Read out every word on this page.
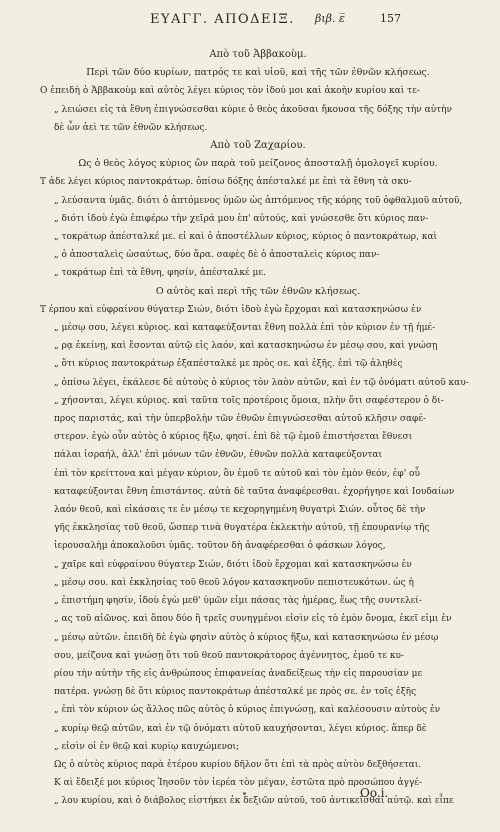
ΕΥΑΓΓ. ΑΠΟΔΕΙΞ. βιβ. ε̅	157
Απὸ τοῦ Ἀββακοὺμ.
Περὶ τῶν δύο κυρίων, πατρός τε καὶ υἱοῦ, καὶ τῆς τῶν ἐθνῶν κλήσεως.
Ο ἐπειδὴ ὁ Ἀββακοὺμ καὶ αὐτὸς λέγει κύριος τὸν ἰδού μοι καὶ ἀκοὴν κυρίου καὶ τε-
„ λειώσει εἰς τὰ ἔθνη ἐπιγνώσεσθαι κύριε ὁ θεὸς ἀκοῦσαι ἤκουσα τῆς δόξης τὴν αὐτὴν
δὲ ὧν ἀεὶ τε τῶν ἐθνῶν κλήσεως.
Απὸ τοῦ Ζαχαρίου.
Ως ὁ θεὸς λόγος κύριος ὢν παρὰ τοῦ μείζονος ἀποσταλῇ ὁμολογεῖ κυρίου.
Τ ἀδε λέγει κύριος παντοκράτωρ. ὀπίσω δόξης ἀπέσταλκέ με ἐπὶ τὰ ἔθνη τὰ σκυ-
„ λεύσαντα ὑμᾶς. διότι ὁ ἁπτόμενος ὑμῶν ὡς ἁπτόμενος τῆς κόρης τοῦ ὀφθαλμοῦ αὐτοῦ,
„ διότι ἰδοὺ ἐγὼ ἐπιφέρω τὴν χεῖρά μου ἐπ' αὐτούς, καὶ γνώσεσθε ὅτι κύριος παν-
„ τοκράτωρ ἀπέσταλκέ με. εἰ καὶ ὁ ἀποστέλλων κύριος, κύριος ὁ παντοκράτωρ, καὶ
„ ὁ ἀποσταλεὶς ὡσαύτως, δύο ἄρα. σαφὲς δὲ ὁ ἀποσταλεὶς κύριος παν-
„ τοκράτωρ ἐπὶ τὰ ἔθνη, φησίν, ἀπέσταλκέ με.
Ο αὐτὸς καὶ περὶ τῆς τῶν ἐθνῶν κλήσεως.
Τ έρπου καὶ εὐφραίνου θύγατερ Σιών, διότι ἰδοὺ ἐγὼ ἔρχομαι καὶ κατασκηνώσω ἐν
„ μέσῳ σου, λέγει κύριος. καὶ καταφεύξονται ἔθνη πολλὰ ἐπὶ τὸν κύριον ἐν τῇ ἡμέ-
„ ρᾳ ἐκείνῃ, καὶ ἔσονται αὐτῷ εἰς λαόν, καὶ κατασκηνώσω ἐν μέσῳ σου, καὶ γνώσῃ
„ ὅτι κύριος παντοκράτωρ ἐξαπέσταλκέ με πρὸς σε. καὶ ἑξῆς. ἐπὶ τῷ ἀληθὲς
„ ὀπίσω λέγει, ἐκάλεσε δὲ αὐτοὺς ὁ κύριος τὸν λαὸν αὐτῶν, καὶ ἐν τῷ ὀνόματι αὐτοῦ καυ-
„ χήσονται, λέγει κύριος. καὶ ταῦτα τοῖς προτέροις ὅμοια, πλὴν ὅτι σαφέστερον ὁ δι-
προς παριστάς, καὶ τὴν ὑπερβολὴν τῶν ἐθνῶν ἐπιγνώσεσθαι αὐτοῦ κλῆσιν σαφέ-
στερον. ἐγὼ οὖν αὐτὸς ὁ κύριος ἥξω, φησί. ἐπὶ δὲ τῷ ἐμοῦ ἐπιστήσεται ἔθνεσι
πάλαι ἰσραήλ, ἀλλ' ἐπὶ μόνων τῶν ἐθνῶν, ἐθνῶν πολλὰ καταφεύξονται
ἐπὶ τὸν κρείττονα καὶ μέγαν κύριον, ὃν ἐμοῦ τε αὐτοῦ καὶ τὸν ἐμὸν θεόν, ἐφ' οὗ
καταφεύξονται ἔθνη ἐπιστάντος. αὐτὰ δὲ ταῦτα ἀναφέρεσθαι. ἐχορήγησε καὶ Ιουδαίων
λαόν θεοῦ, καὶ εἰκάσαις τε ἐν μέσῳ τε κεχορηγημένη θυγατρὶ Σιών. οὗτος δὲ τὴν
γῆς ἐκκλησίας τοῦ θεοῦ, ὥσπερ τινὰ θυγατέρα ἐκλεκτὴν αὐτοῦ, τῇ ἐπουρανίῳ τῆς
ἱερουσαλὴμ ἀποκαλοῦσι ὑμᾶς. τοῦτον δὴ ἀναφέρεσθαι ὁ φάσκων λόγος,
„ χαῖρε καὶ εὐφραίνου θύγατερ Σιών, διότι ἰδοὺ ἔρχομαι καὶ κατασκηνώσω ἐν
„ μέσῳ σου. καὶ ἐκκλησίας τοῦ θεοῦ λόγον κατασκηνοῦν πεπιστευκότων. ὡς ἡ
„ ἐπιστήμη φησίν, ἰδοὺ ἐγὼ μεθ' ὑμῶν εἰμι πάσας τὰς ἡμέρας, ἕως τῆς συντελεί-
„ ας τοῦ αἰῶνος. καὶ ὅπου δύο ἢ τρεῖς συνηγμένοι εἰσὶν εἰς τὸ ἐμὸν ὄνομα, ἐκεῖ εἰμι ἐν
„ μέσῳ αὐτῶν. ἐπειδὴ δὲ ἐγὼ φησὶν αὐτὸς ὁ κύριος ἥξω, καὶ κατασκηνώσω ἐν μέσῳ
σου, μείζονα καὶ γνώσῃ ὅτι τοῦ θεοῦ παντοκράτορος ἀγέννητος, ἐμοῦ τε κυ-
ρίου τὴν αὐτὴν τῆς εἰς ἀνθρώπους ἐπιφανείας ἀναδείξεως τὴν εἰς παρουσίαν με
πατέρα. γνώσῃ δὲ ὅτι κύριος παντοκράτωρ ἀπέσταλκέ με πρὸς σε. ἐν τοῖς ἑξῆς
„ ἐπὶ τὸν κύριον ὡς ἄλλος πῶς αὐτὸς ὁ κύριος ἐπιγνώσῃ, καὶ καλέσουσιν αὐτοὺς ἐν
„ κυρίῳ θεῷ αὐτῶν, καὶ ἐν τῷ ὀνόματι αὐτοῦ καυχήσονται, λέγει κύριος. ἅπερ δὲ
„ εἰσὶν οἱ ἐν θεῷ καὶ κυρίῳ καυχώμενοι;
Ως ὁ αὐτὸς κύριος παρὰ ἑτέρου κυρίου δῆλον ὅτι ἐπὶ τὰ πρὸς αὐτὸν δεξθήσεται.
Κ αὶ ἔδειξέ μοι κύριος Ἰησοῦν τὸν ἱερέα τὸν μέγαν, ἑστῶτα πρὸ προσώπου ἀγγέ-
„ λου κυρίου, καὶ ὁ διάβολος εἱστήκει ἐκ δεξιῶν αὐτοῦ, τοῦ ἀντικεῖσθαι αὐτῷ. καὶ εἶπε
Oo.i.
